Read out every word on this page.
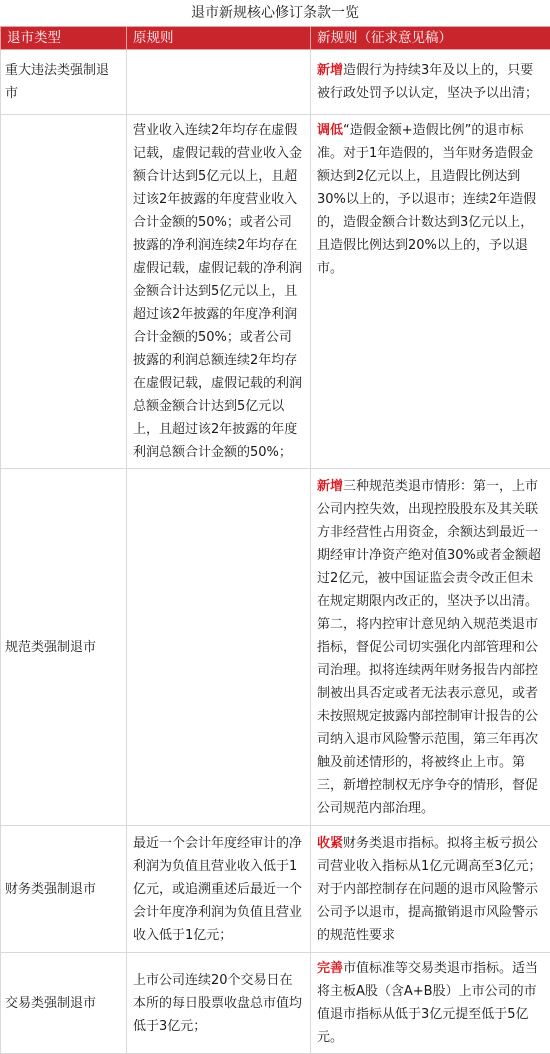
退市新规核心修订条款一览
退市类型	原规则	新规则（征求意见稿）

重大违法类强制退市		新增造假行为持续3年及以上的，只要被行政处罚予以认定，坚决予以出清；

	营业收入连续2年均存在虚假记载，虚假记载的营业收入金额合计达到5亿元以上，且超过该2年披露的年度营业收入合计金额的50%；或者公司披露的净利润连续2年均存在虚假记载，虚假记载的净利润金额合计达到5亿元以上，且超过该2年披露的年度净利润合计金额的50%；或者公司披露的利润总额连续2年均存在虚假记载，虚假记载的利润总额金额合计达到5亿元以上，且超过该2年披露的年度利润总额合计金额的50%；	调低“造假金额+造假比例”的退市标准。对于1年造假的，当年财务造假金额达到2亿元以上，且造假比例达到30%以上的，予以退市；连续2年造假的，造假金额合计数达到3亿元以上，且造假比例达到20%以上的，予以退市。

规范类强制退市		新增三种规范类退市情形：第一，上市公司内控失效，出现控股股东及其关联方非经营性占用资金，余额达到最近一期经审计净资产绝对值30%或者金额超过2亿元，被中国证监会责令改正但未在规定期限内改正的，坚决予以出清。第二，将内控审计意见纳入规范类退市指标，督促公司切实强化内部管理和公司治理。拟将连续两年财务报告内部控制被出具否定或者无法表示意见，或者未按照规定披露内部控制审计报告的公司纳入退市风险警示范围，第三年再次触及前述情形的，将被终止上市。第三，新增控制权无序争夺的情形，督促公司规范内部治理。

财务类强制退市	最近一个会计年度经审计的净利润为负值且营业收入低于1亿元，或追溯重述后最近一个会计年度净利润为负值且营业收入低于1亿元；	收紧财务类退市指标。拟将主板亏损公司营业收入指标从1亿元调高至3亿元；对于内部控制存在问题的退市风险警示公司予以退市，提高撤销退市风险警示的规范性要求

交易类强制退市	上市公司连续20个交易日在本所的每日股票收盘总市值均低于3亿元；	完善市值标准等交易类退市指标。适当将主板A股（含A+B股）上市公司的市值退市指标从低于3亿元提至低于5亿元。
